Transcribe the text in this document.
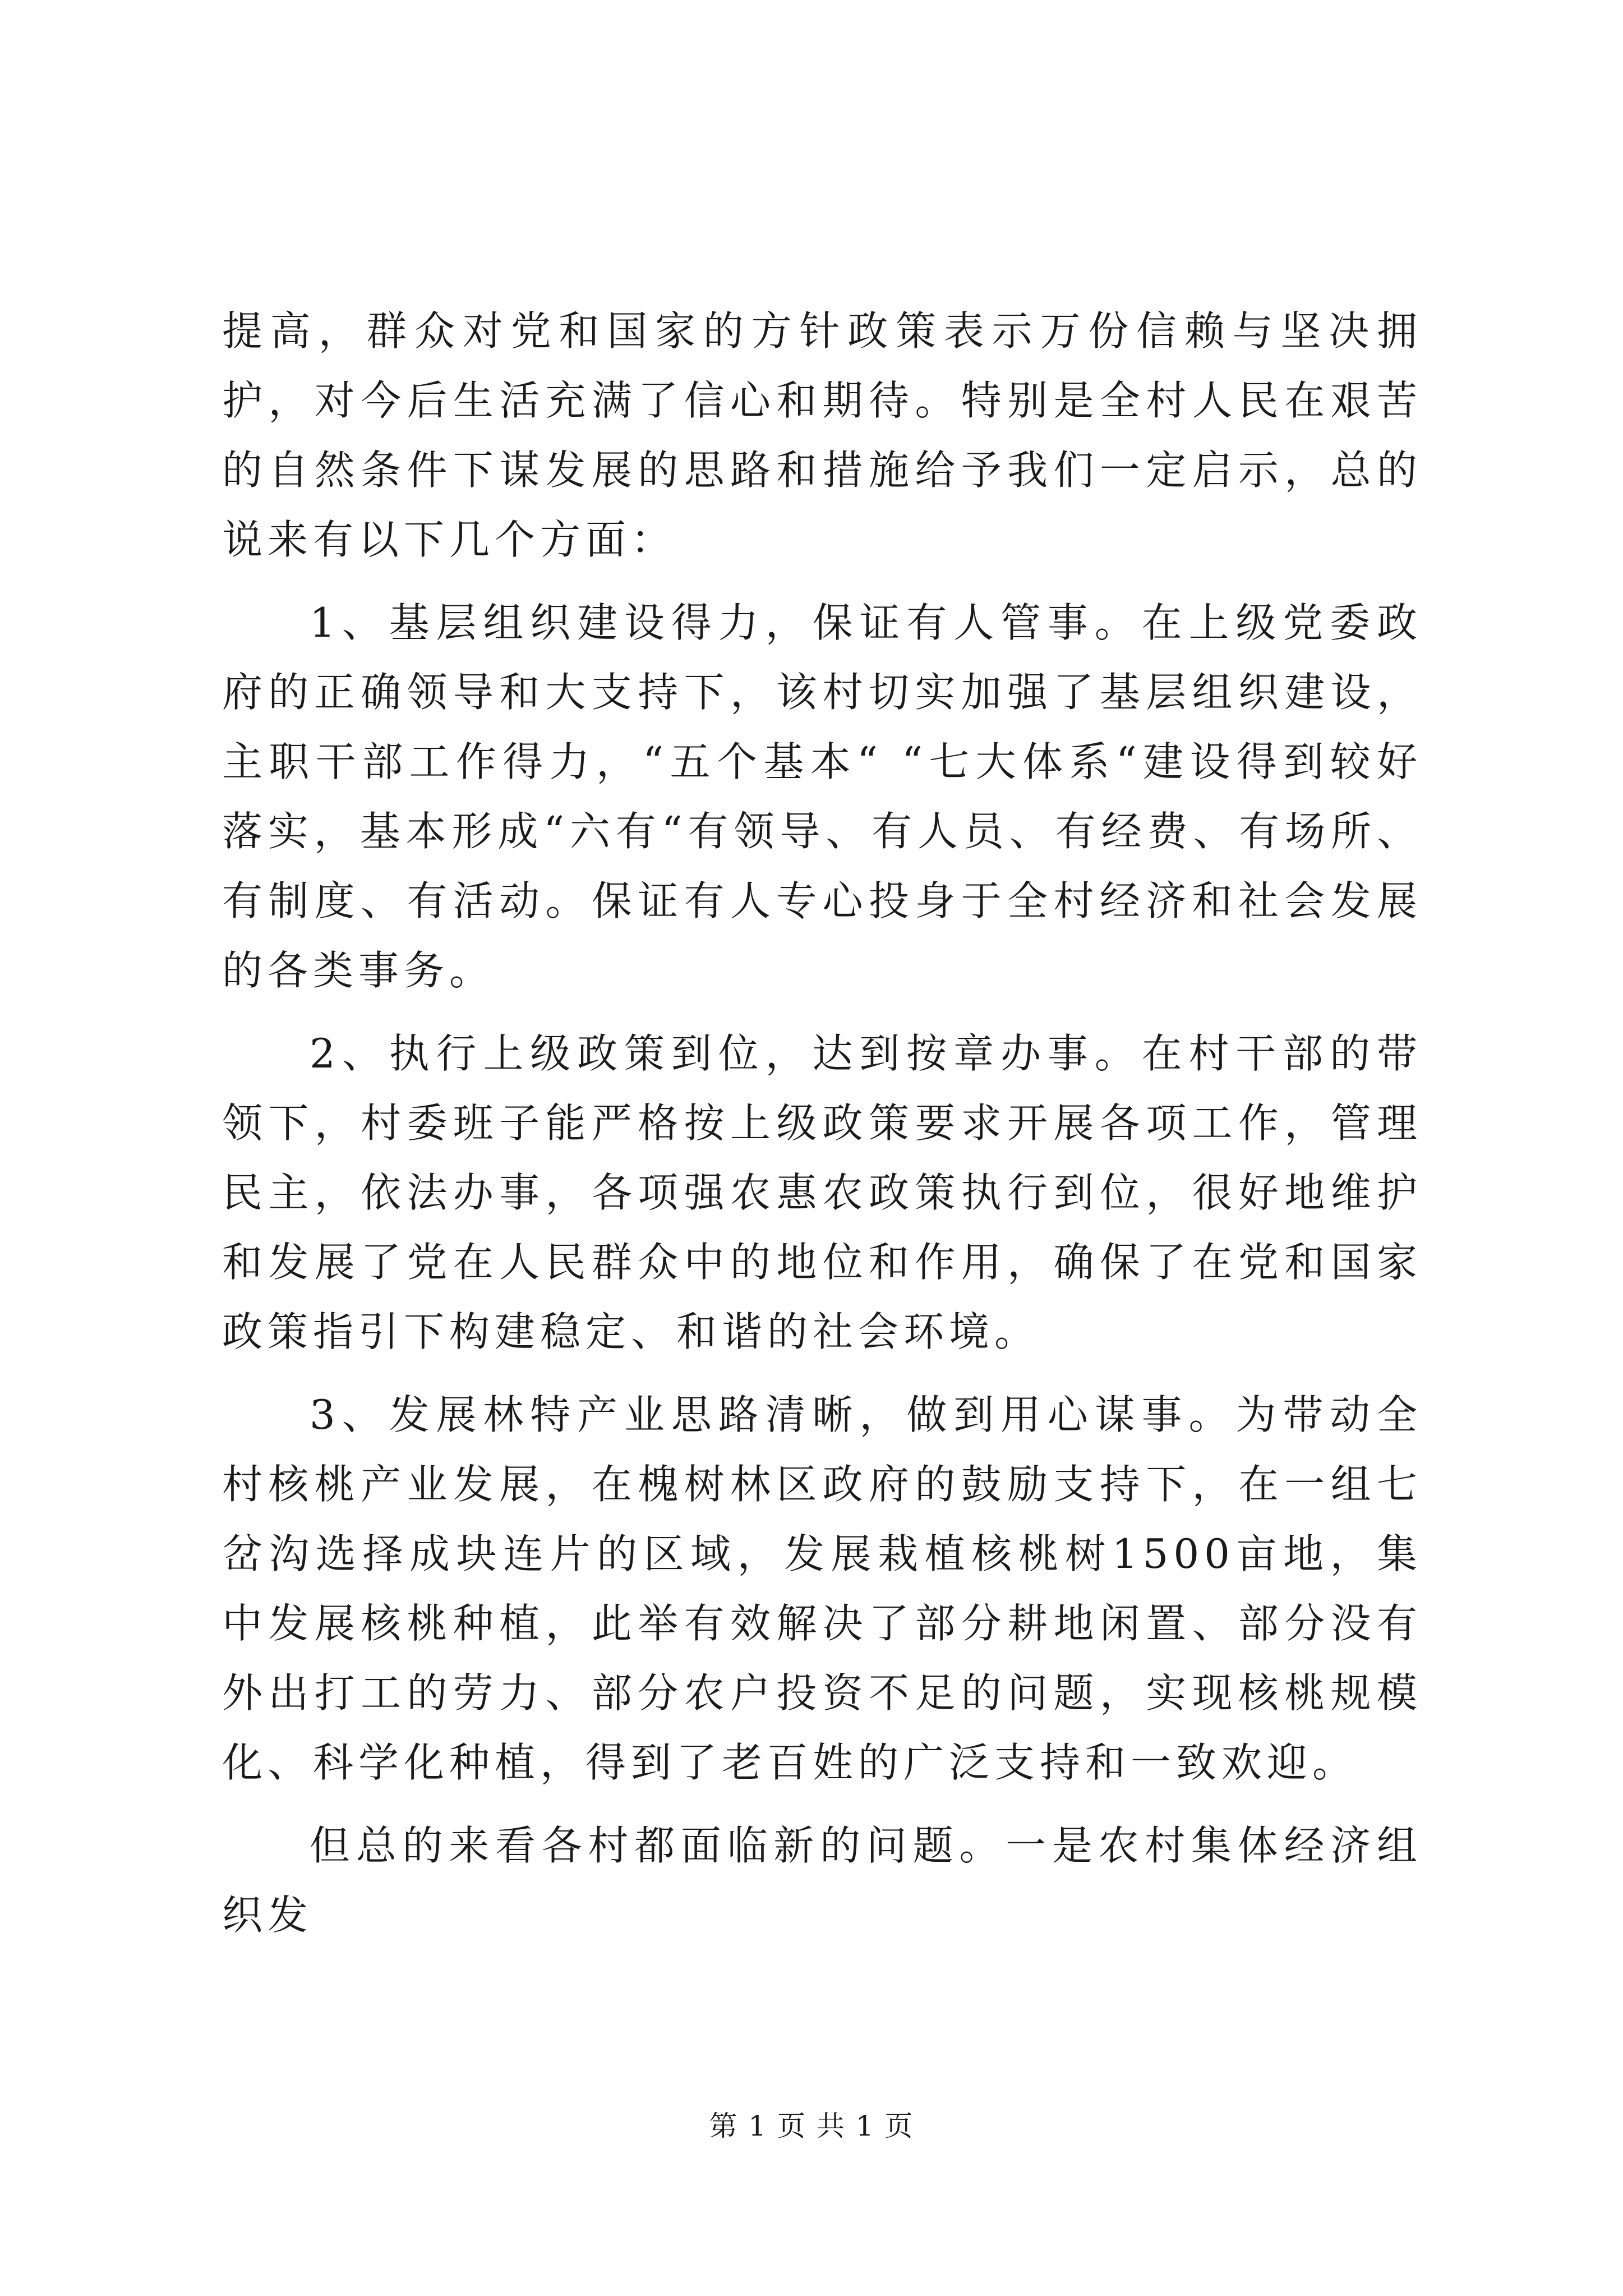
提高，群众对党和国家的方针政策表示万份信赖与坚决拥护，对今后生活充满了信心和期待。特别是全村人民在艰苦的自然条件下谋发展的思路和措施给予我们一定启示，总的说来有以下几个方面：

1、基层组织建设得力，保证有人管事。在上级党委政府的正确领导和大支持下，该村切实加强了基层组织建设，主职干部工作得力，“五个基本“ “七大体系“建设得到较好落实，基本形成“六有“有领导、有人员、有经费、有场所、有制度、有活动。保证有人专心投身于全村经济和社会发展的各类事务。

2、执行上级政策到位，达到按章办事。在村干部的带领下，村委班子能严格按上级政策要求开展各项工作，管理民主，依法办事，各项强农惠农政策执行到位，很好地维护和发展了党在人民群众中的地位和作用，确保了在党和国家政策指引下构建稳定、和谐的社会环境。

3、发展林特产业思路清晰，做到用心谋事。为带动全村核桃产业发展，在槐树林区政府的鼓励支持下，在一组七岔沟选择成块连片的区域，发展栽植核桃树1500亩地，集中发展核桃种植，此举有效解决了部分耕地闲置、部分没有外出打工的劳力、部分农户投资不足的问题，实现核桃规模化、科学化种植，得到了老百姓的广泛支持和一致欢迎。

但总的来看各村都面临新的问题。一是农村集体经济组织发

第 1 页 共 1 页
